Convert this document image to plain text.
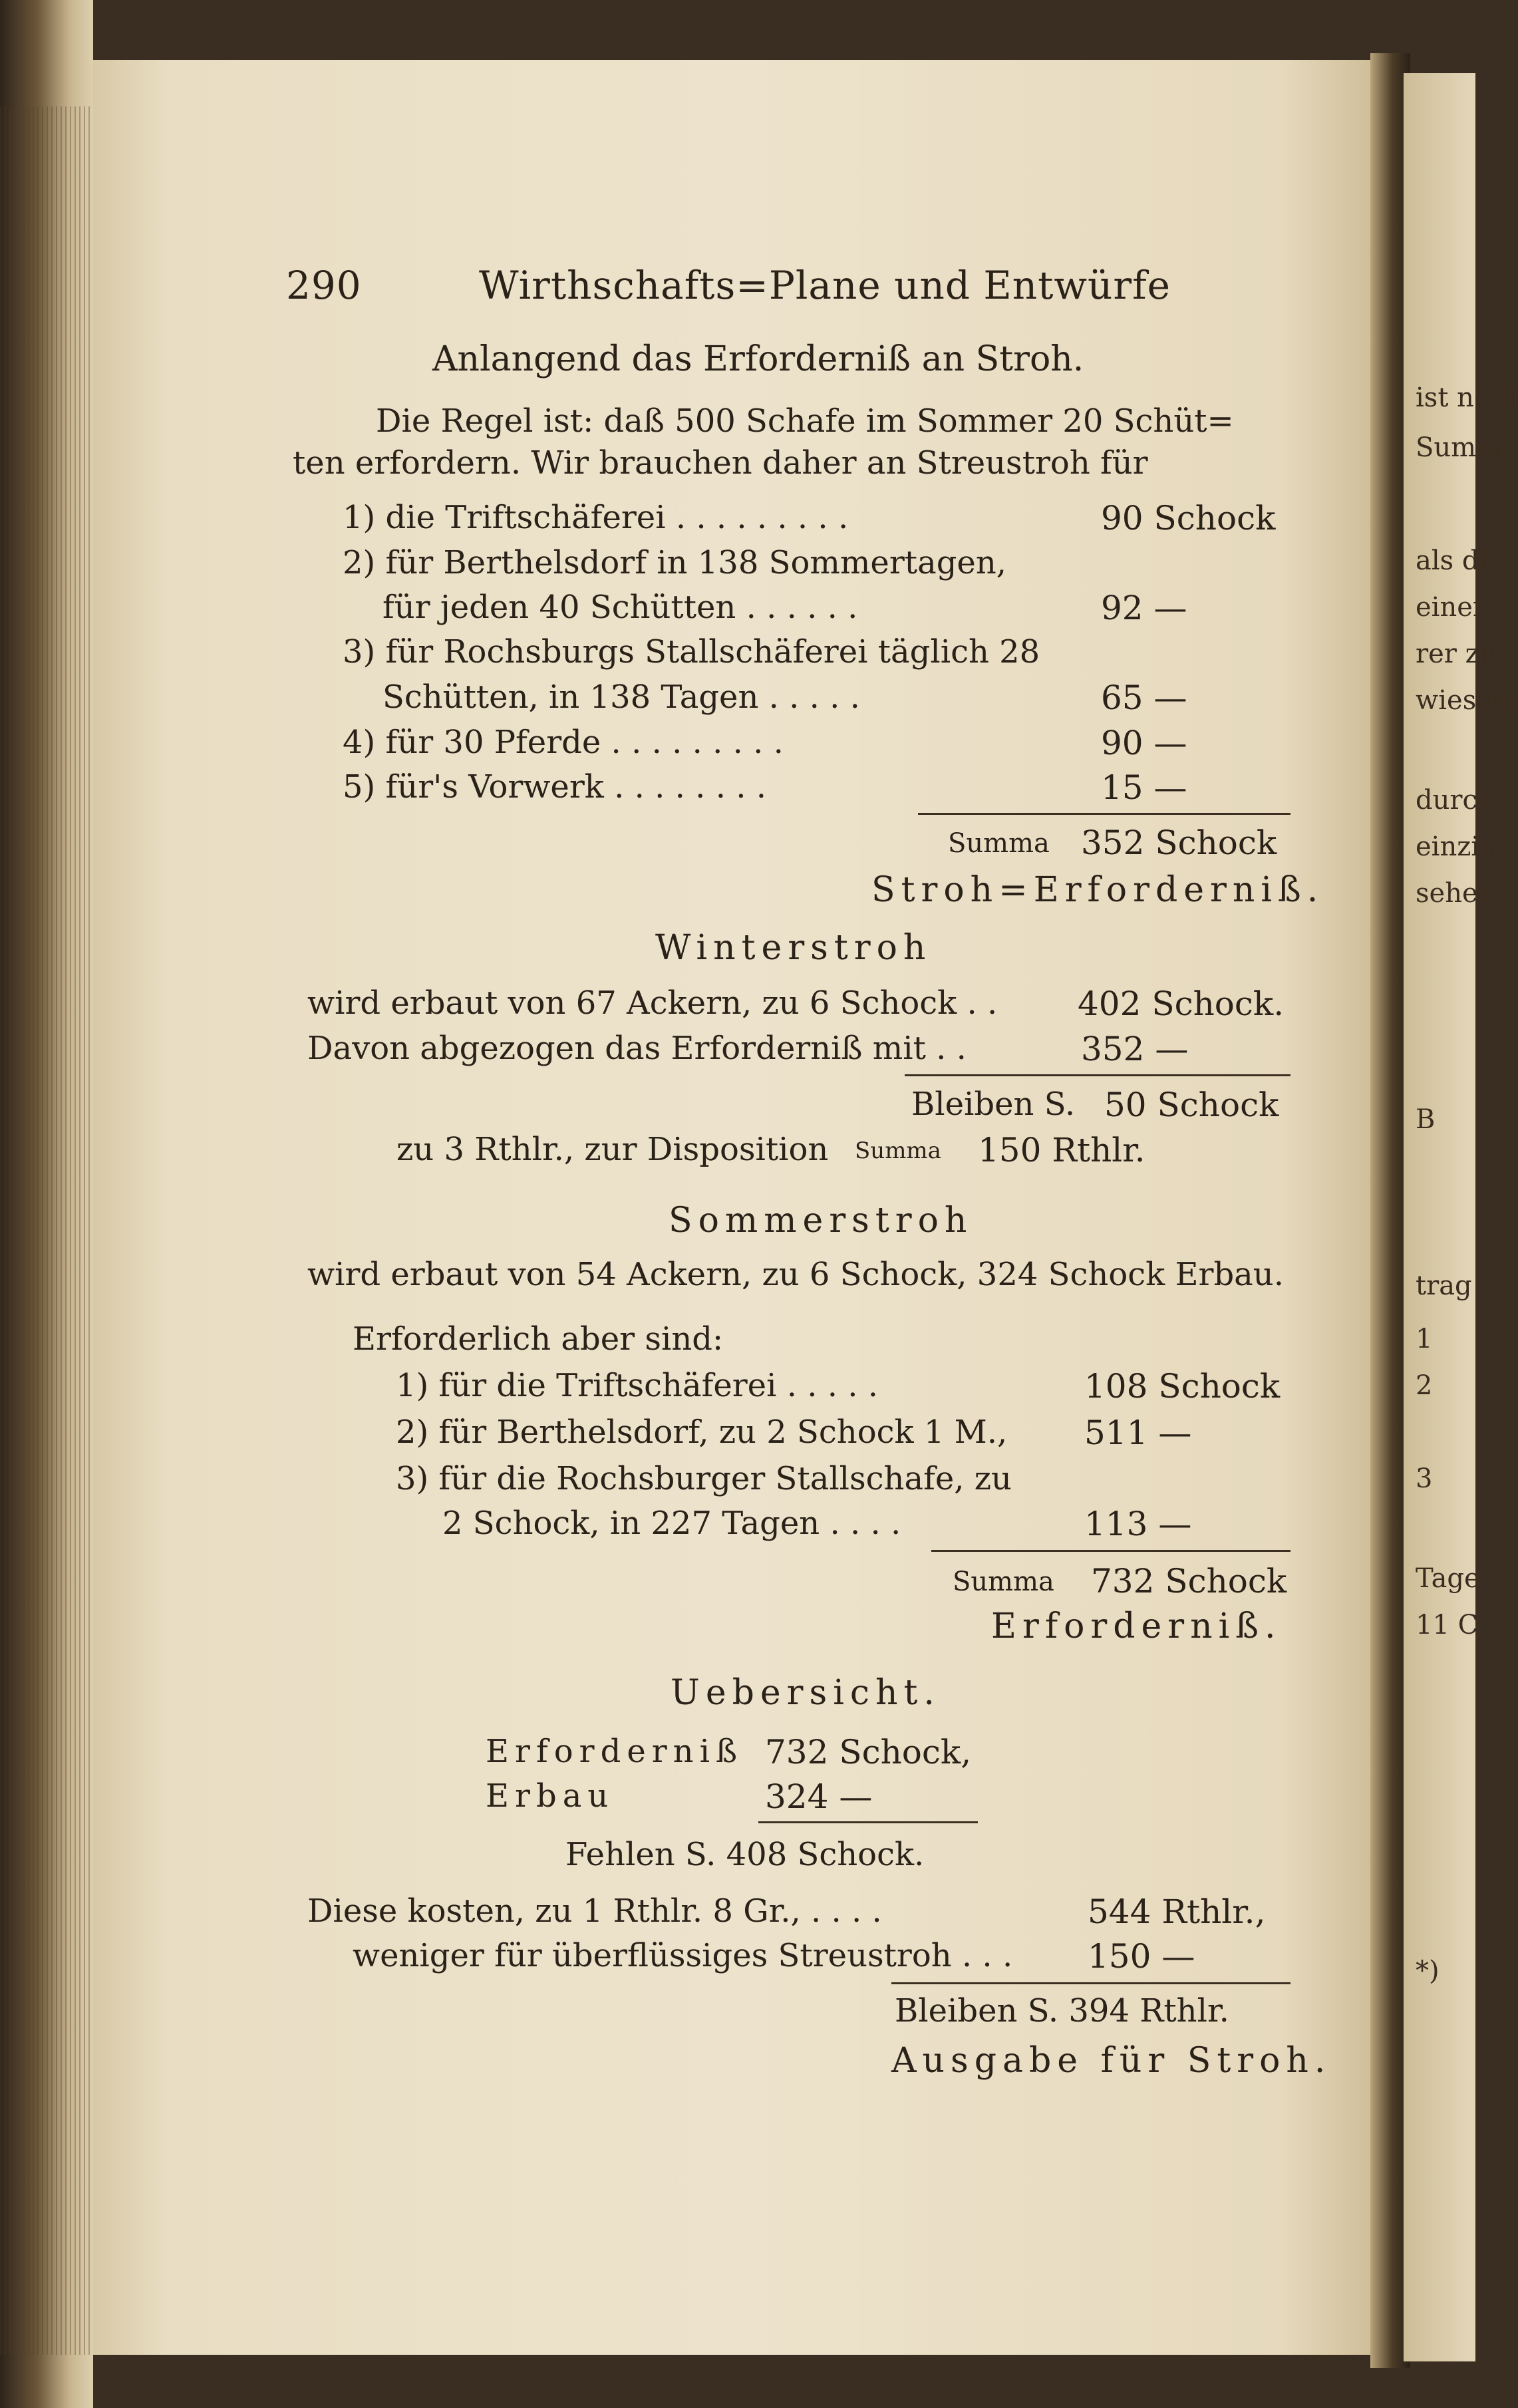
ist nöth
Summ
als di
einen
rer zu
wiesen
durch
einzig
sehen
B
trag
1
2
3
Tage
11 C
*)
290	Wirthschafts=Plane und Entwürfe
Anlangend das Erforderniß an Stroh.
Die Regel ist: daß 500 Schafe im Sommer 20 Schüt=
ten erfordern. Wir brauchen daher an Streustroh für
1) die Triftschäferei . . . . . . . . .	90 Schock
2) für Berthelsdorf in 138 Sommertagen,
für jeden 40 Schütten . . . . . .	92 —
3) für Rochsburgs Stallschäferei täglich 28
Schütten, in 138 Tagen . . . . .	65 —
4) für 30 Pferde . . . . . . . . .	90 —
5) für's Vorwerk . . . . . . . .	15 —
Summa 352 Schock
Stroh=Erforderniß.
Winterstroh
wird erbaut von 67 Ackern, zu 6 Schock . . 402 Schock.
Davon abgezogen das Erforderniß mit . .	352 —
Bleiben S. 50 Schock
zu 3 Rthlr., zur Disposition Summa 150 Rthlr.
Sommerstroh
wird erbaut von 54 Ackern, zu 6 Schock, 324 Schock Erbau.
Erforderlich aber sind:
1) für die Triftschäferei . . . . .	108 Schock
2) für Berthelsdorf, zu 2 Schock 1 M., 511 —
3) für die Rochsburger Stallschafe, zu
2 Schock, in 227 Tagen . . . .	113 —
Summa 732 Schock
Erforderniß.
Uebersicht.
Erforderniß 732 Schock,
Erbau	324 —
Fehlen S. 408 Schock.
Diese kosten, zu 1 Rthlr. 8 Gr., . . . .	544 Rthlr.,
weniger für überflüssiges Streustroh . . . 150 —
Bleiben S. 394 Rthlr.
Ausgabe für Stroh.
